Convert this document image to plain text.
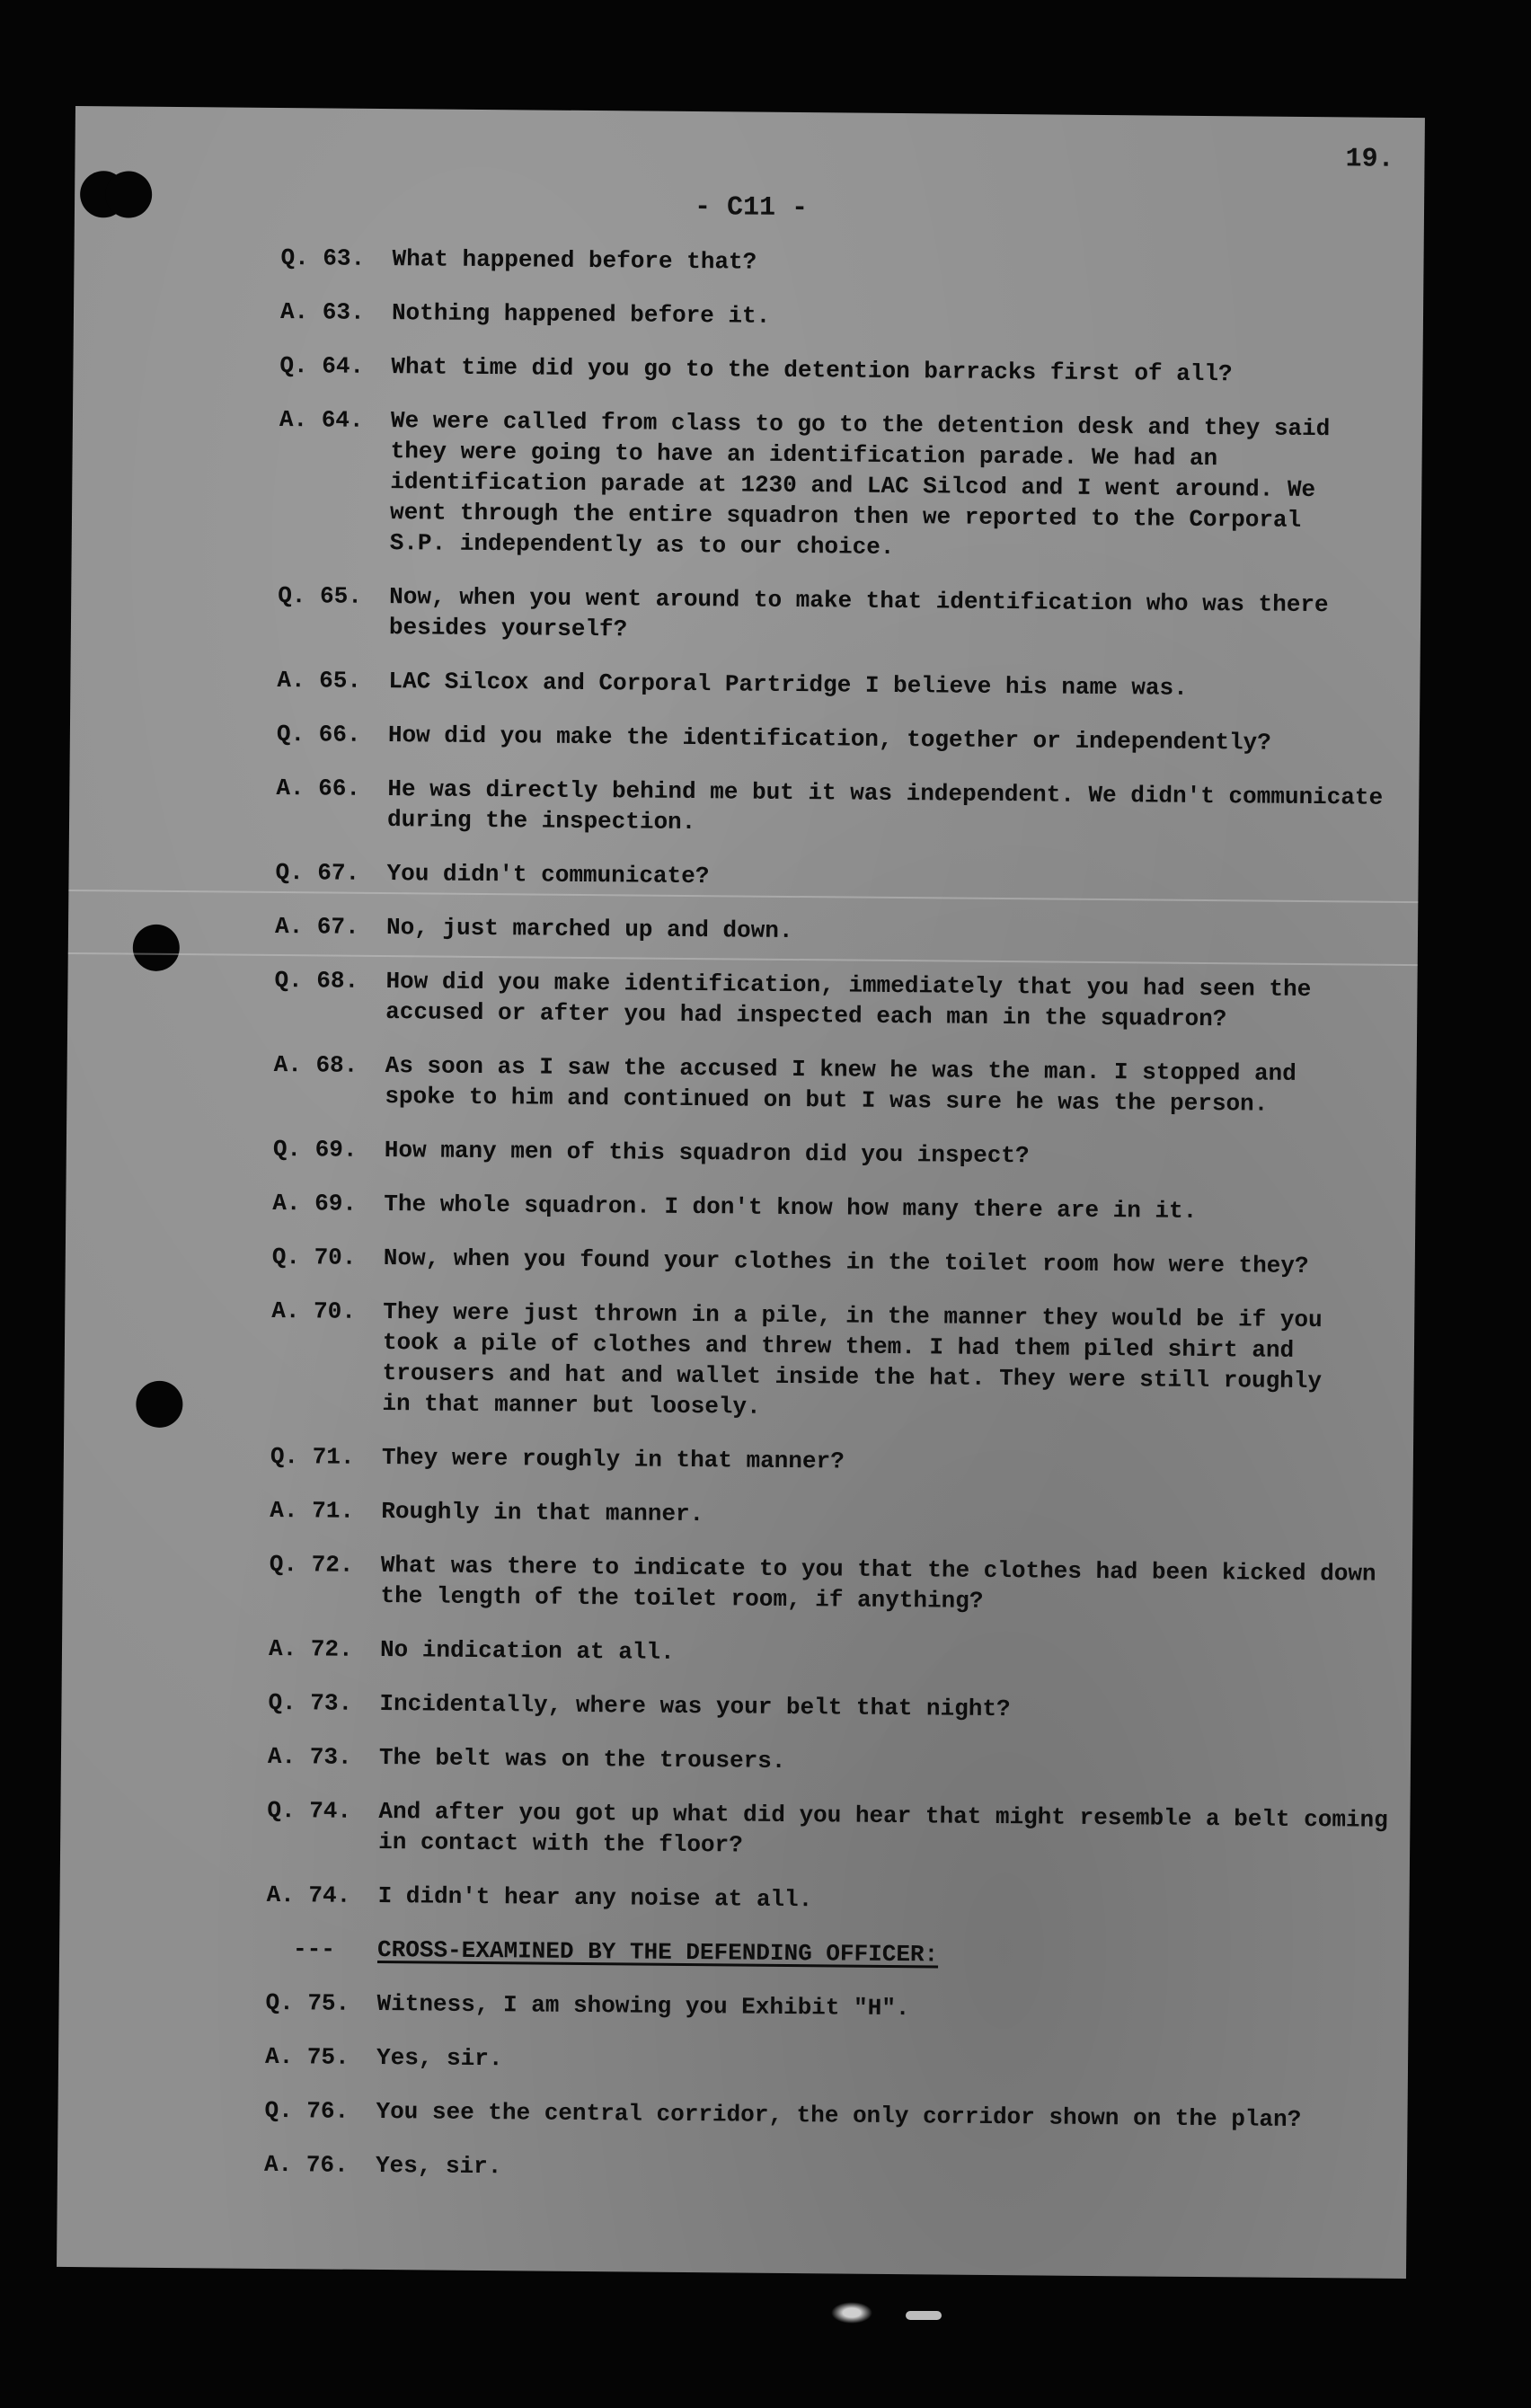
19.
- C11 -
Q. 63.	What happened before that?
A. 63.	Nothing happened before it.
Q. 64.	What time did you go to the detention barracks first of all?
A. 64.	We were called from class to go to the detention desk and they said
they were going to have an identification parade. We had an
identification parade at 1230 and LAC Silcod and I went around. We
went through the entire squadron then we reported to the Corporal
S.P. independently as to our choice.
Q. 65.	Now, when you went around to make that identification who was there
besides yourself?
A. 65.	LAC Silcox and Corporal Partridge I believe his name was.
Q. 66.	How did you make the identification, together or independently?
A. 66.	He was directly behind me but it was independent. We didn't communicate
during the inspection.
Q. 67.	You didn't communicate?
A. 67.	No, just marched up and down.
Q. 68.	How did you make identification, immediately that you had seen the
accused or after you had inspected each man in the squadron?
A. 68.	As soon as I saw the accused I knew he was the man. I stopped and
spoke to him and continued on but I was sure he was the person.
Q. 69.	How many men of this squadron did you inspect?
A. 69.	The whole squadron. I don't know how many there are in it.
Q. 70.	Now, when you found your clothes in the toilet room how were they?
A. 70.	They were just thrown in a pile, in the manner they would be if you
took a pile of clothes and threw them. I had them piled shirt and
trousers and hat and wallet inside the hat. They were still roughly
in that manner but loosely.
Q. 71.	They were roughly in that manner?
A. 71.	Roughly in that manner.
Q. 72.	What was there to indicate to you that the clothes had been kicked down
the length of the toilet room, if anything?
A. 72.	No indication at all.
Q. 73.	Incidentally, where was your belt that night?
A. 73.	The belt was on the trousers.
Q. 74.	And after you got up what did you hear that might resemble a belt coming
in contact with the floor?
A. 74.	I didn't hear any noise at all.
---	CROSS-EXAMINED BY THE DEFENDING OFFICER:
Q. 75.	Witness, I am showing you Exhibit "H".
A. 75.	Yes, sir.
Q. 76.	You see the central corridor, the only corridor shown on the plan?
A. 76.	Yes, sir.
